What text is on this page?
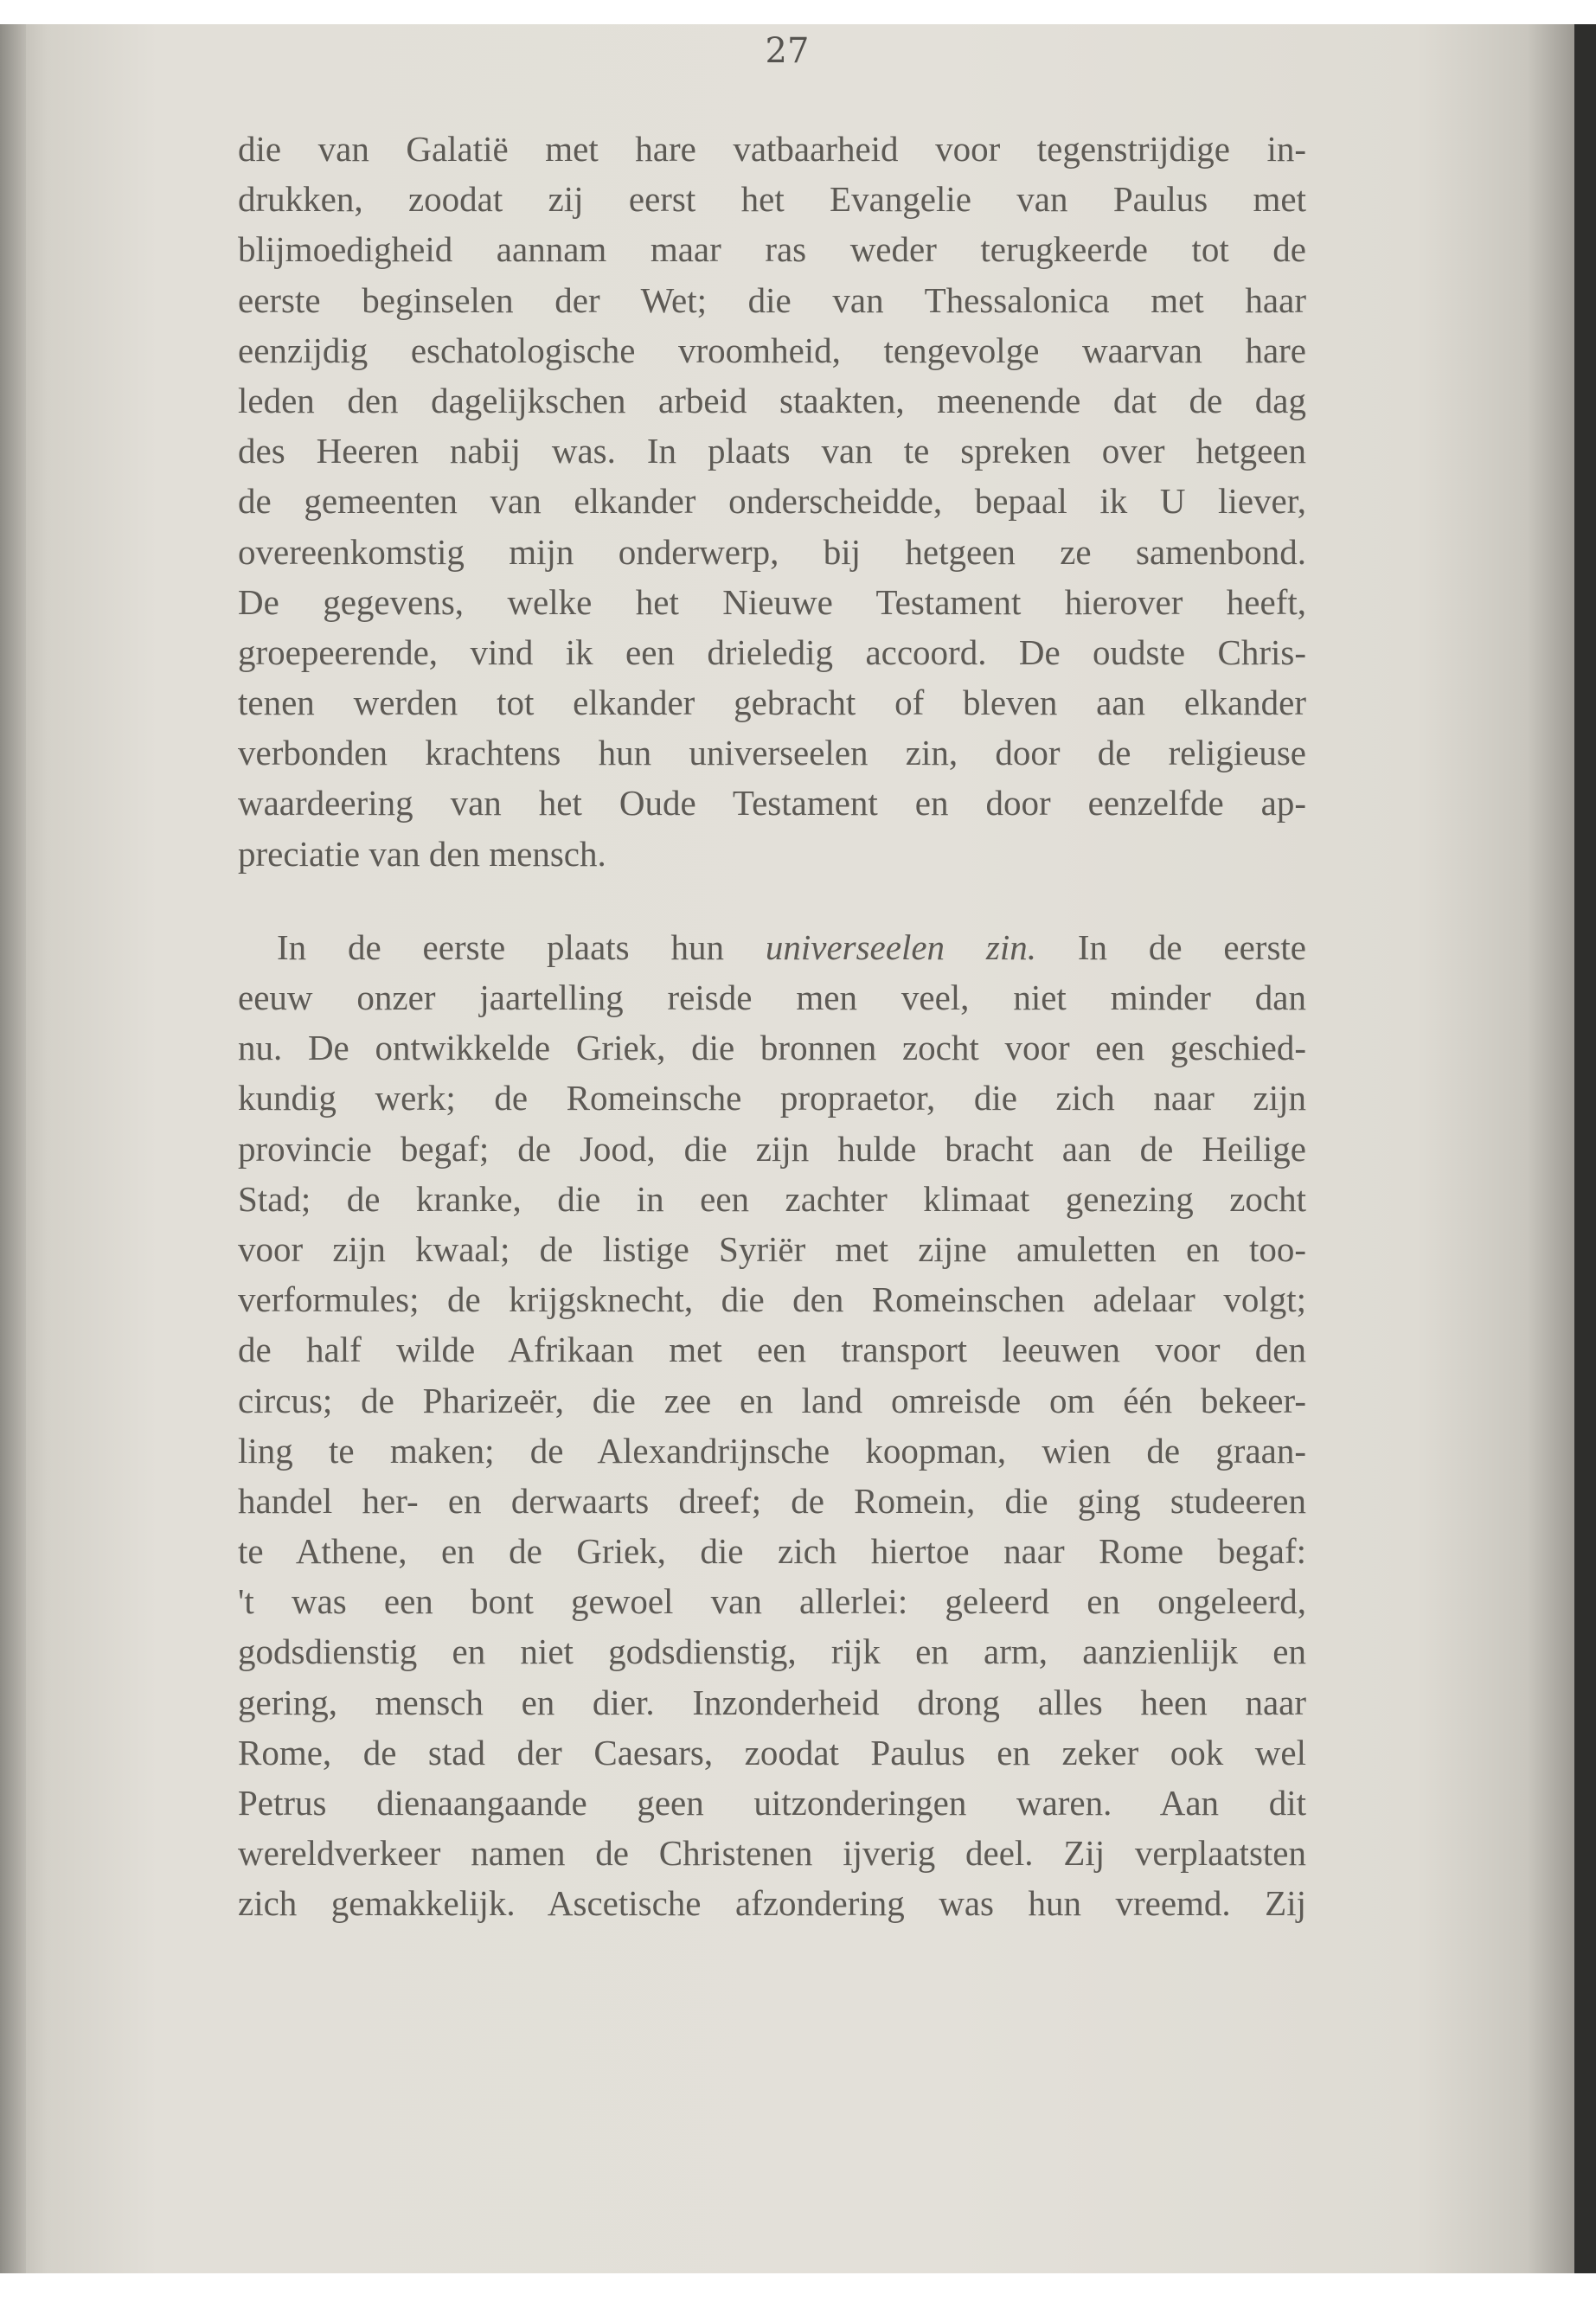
27
die van Galatië met hare vatbaarheid voor tegenstrijdige in-
drukken, zoodat zij eerst het Evangelie van Paulus met
blijmoedigheid aannam maar ras weder terugkeerde tot de
eerste beginselen der Wet; die van Thessalonica met haar
eenzijdig eschatologische vroomheid, tengevolge waarvan hare
leden den dagelijkschen arbeid staakten, meenende dat de dag
des Heeren nabij was. In plaats van te spreken over hetgeen
de gemeenten van elkander onderscheidde, bepaal ik U liever,
overeenkomstig mijn onderwerp, bij hetgeen ze samenbond.
De gegevens, welke het Nieuwe Testament hierover heeft,
groepeerende, vind ik een drieledig accoord. De oudste Chris-
tenen werden tot elkander gebracht of bleven aan elkander
verbonden krachtens hun universeelen zin, door de religieuse
waardeering van het Oude Testament en door eenzelfde ap-
preciatie van den mensch.
In de eerste plaats hun universeelen zin. In de eerste
eeuw onzer jaartelling reisde men veel, niet minder dan
nu. De ontwikkelde Griek, die bronnen zocht voor een geschied-
kundig werk; de Romeinsche propraetor, die zich naar zijn
provincie begaf; de Jood, die zijn hulde bracht aan de Heilige
Stad; de kranke, die in een zachter klimaat genezing zocht
voor zijn kwaal; de listige Syriër met zijne amuletten en too-
verformules; de krijgsknecht, die den Romeinschen adelaar volgt;
de half wilde Afrikaan met een transport leeuwen voor den
circus; de Pharizeër, die zee en land omreisde om één bekeer-
ling te maken; de Alexandrijnsche koopman, wien de graan-
handel her- en derwaarts dreef; de Romein, die ging studeeren
te Athene, en de Griek, die zich hiertoe naar Rome begaf:
't was een bont gewoel van allerlei: geleerd en ongeleerd,
godsdienstig en niet godsdienstig, rijk en arm, aanzienlijk en
gering, mensch en dier. Inzonderheid drong alles heen naar
Rome, de stad der Caesars, zoodat Paulus en zeker ook wel
Petrus dienaangaande geen uitzonderingen waren. Aan dit
wereldverkeer namen de Christenen ijverig deel. Zij verplaatsten
zich gemakkelijk. Ascetische afzondering was hun vreemd. Zij
